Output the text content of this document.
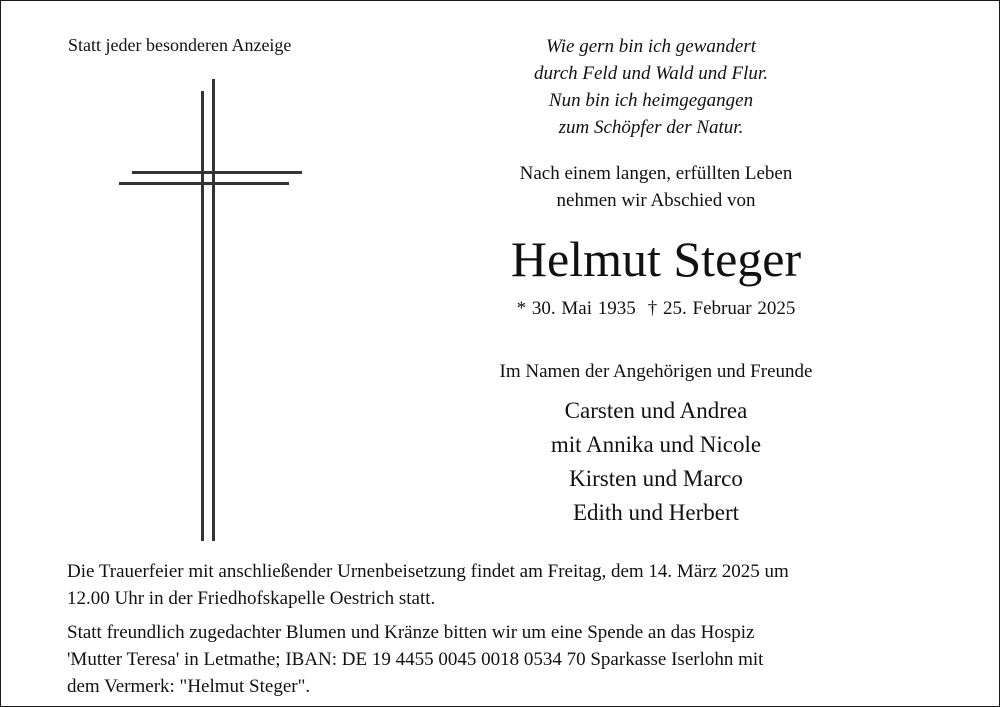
Statt jeder besonderen Anzeige	Wie gern bin ich gewandert
durch Feld und Wald und Flur.
Nun bin ich heimgegangen
zum Schöpfer der Natur.
Nach einem langen, erfüllten Leben
nehmen wir Abschied von
Helmut Steger
* 30. Mai 1935 † 25. Februar 2025
Im Namen der Angehörigen und Freunde
Carsten und Andrea
mit Annika und Nicole
Kirsten und Marco
Edith und Herbert
Die Trauerfeier mit anschließender Urnenbeisetzung findet am Freitag, dem 14. März 2025 um
12.00 Uhr in der Friedhofskapelle Oestrich statt.
Statt freundlich zugedachter Blumen und Kränze bitten wir um eine Spende an das Hospiz
'Mutter Teresa' in Letmathe; IBAN: DE 19 4455 0045 0018 0534 70 Sparkasse Iserlohn mit
dem Vermerk: "Helmut Steger".
